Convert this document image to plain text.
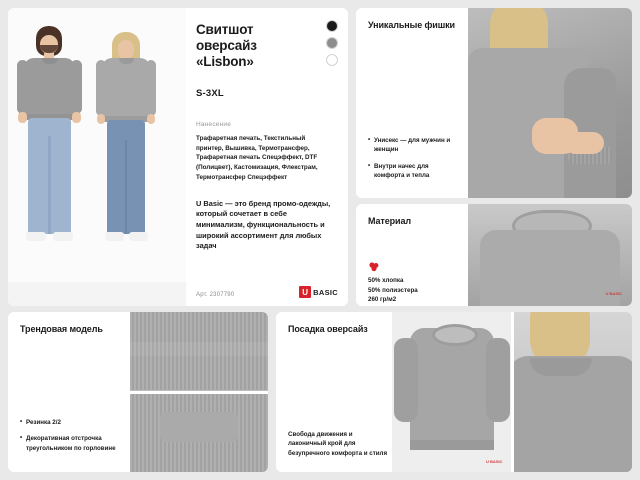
Свитшот оверсайз «Lisbon»
S-3XL
Нанесение
Трафаретная печать, Текстильный принтер, Вышивка, Термотрансфер, Трафаретная печать Спецэффект, DTF (Полицвет), Кастомизация, Флекстрам, Термотрансфер Спецэффект
U Basic — это бренд промо-одежды, который сочетает в себе минимализм, функциональность и широкий ассортимент для любых задач
Арт. 2307790	U BASIC
Уникальные фишки
• Унисекс — для мужчин и женщин
• Внутри начес для комфорта и тепла
U BASIC
Материал
50% хлопка
50% полиэстера
260 гр/м2
Трендовая модель
• Резинка 2/2
• Декоративная отстрочка треугольником по горловине
U BASIC
Посадка оверсайз
Свобода движения и лаконичный крой для безупречного комфорта и стиля
